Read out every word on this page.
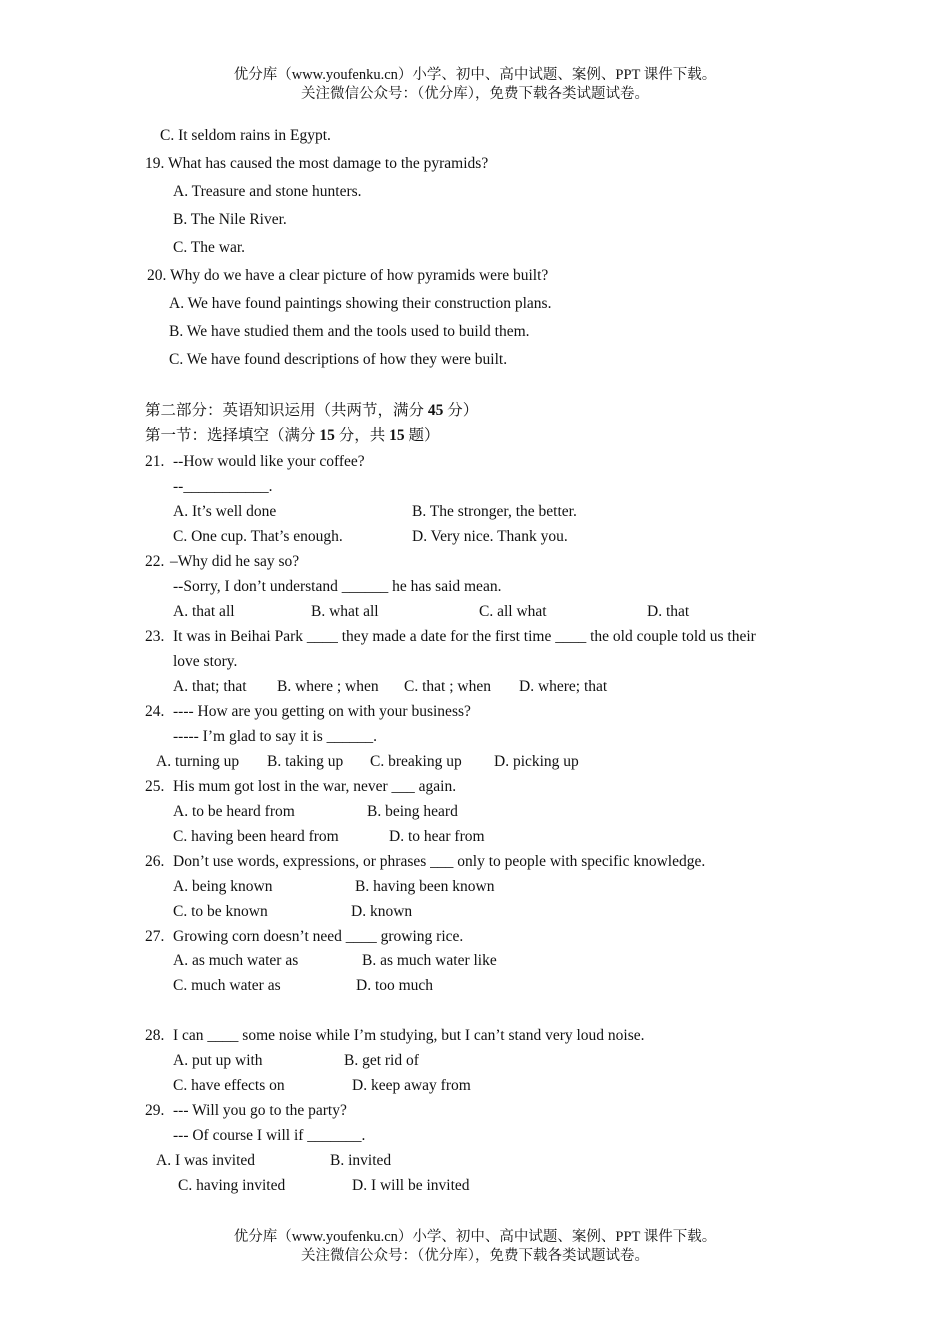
优分库（www.youfenku.cn）小学、初中、高中试题、案例、PPT 课件下载。
关注微信公众号：（优分库），免费下载各类试题试卷。
C. It seldom rains in Egypt.
19. What has caused the most damage to the pyramids?
A. Treasure and stone hunters.
B. The Nile River.
C. The war.
20. Why do we have a clear picture of how pyramids were built?
A. We have found paintings showing their construction plans.
B. We have studied them and the tools used to build them.
C. We have found descriptions of how they were built.
第二部分：英语知识运用（共两节，满分 45 分）
第一节：选择填空（满分 15 分，共 15 题）
21. --How would like your coffee?
--___________.
A. It’s well done	B. The stronger, the better.
C. One cup. That’s enough.	D. Very nice. Thank you.
22. –Why did he say so?
--Sorry, I don’t understand ______ he has said mean.
A. that all	B. what all	C. all what	D. that
23. It was in Beihai Park ____ they made a date for the first time ____ the old couple told us their
love story.
A. that; that B. where ; when C. that ; when D. where; that
24. ---- How are you getting on with your business?
----- I’m glad to say it is ______.
A. turning up B. taking up C. breaking up D. picking up
25. His mum got lost in the war, never ___ again.
A. to be heard from	B. being heard
C. having been heard from	D. to hear from
26. Don’t use words, expressions, or phrases ___ only to people with specific knowledge.
A. being known	B. having been known
C. to be known	D. known
27. Growing corn doesn’t need ____ growing rice.
A. as much water as	B. as much water like
C. much water as	D. too much
28. I can ____ some noise while I’m studying, but I can’t stand very loud noise.
A. put up with	B. get rid of
C. have effects on	D. keep away from
29. --- Will you go to the party?
--- Of course I will if _______.
A. I was invited	B. invited
C. having invited	D. I will be invited
优分库（www.youfenku.cn）小学、初中、高中试题、案例、PPT 课件下载。
关注微信公众号：（优分库），免费下载各类试题试卷。
